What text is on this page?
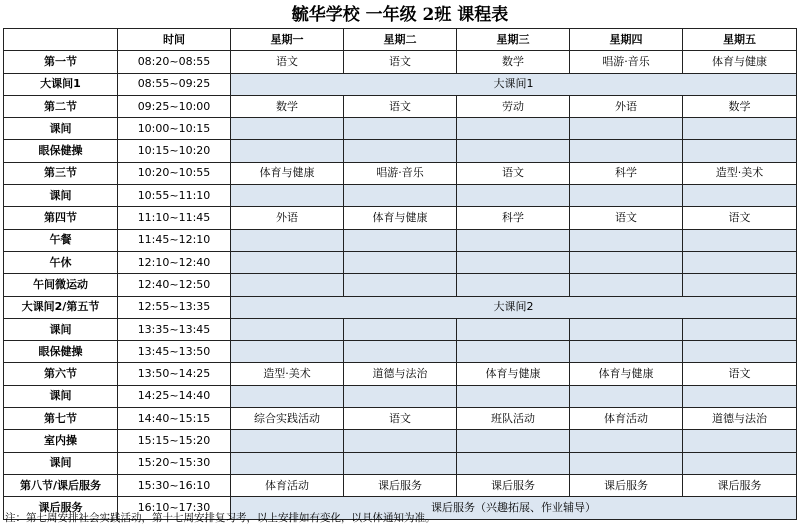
毓华学校 一年级 2班 课程表
	时间	星期一	星期二	星期三	星期四	星期五
第一节	08:20~08:55	语文	语文	数学	唱游·音乐	体育与健康
大课间1	08:55~09:25	大课间1				
第二节	09:25~10:00	数学	语文	劳动	外语	数学
课间	10:00~10:15					
眼保健操	10:15~10:20					
第三节	10:20~10:55	体育与健康	唱游·音乐	语文	科学	造型·美术
课间	10:55~11:10					
第四节	11:10~11:45	外语	体育与健康	科学	语文	语文
午餐	11:45~12:10					
午休	12:10~12:40					
午间微运动	12:40~12:50					
大课间2/第五节	12:55~13:35	大课间2				
课间	13:35~13:45					
眼保健操	13:45~13:50					
第六节	13:50~14:25	造型·美术	道德与法治	体育与健康	体育与健康	语文
课间	14:25~14:40					
第七节	14:40~15:15	综合实践活动	语文	班队活动	体育活动	道德与法治
室内操	15:15~15:20					
课间	15:20~15:30					
第八节/课后服务	15:30~16:10	体育活动	课后服务	课后服务	课后服务	课后服务
课后服务	16:10~17:30	课后服务（兴趣拓展、作业辅导）				
注：第七周安排社会实践活动，第十七周安排复习考，以上安排如有变化，以具体通知为准。
